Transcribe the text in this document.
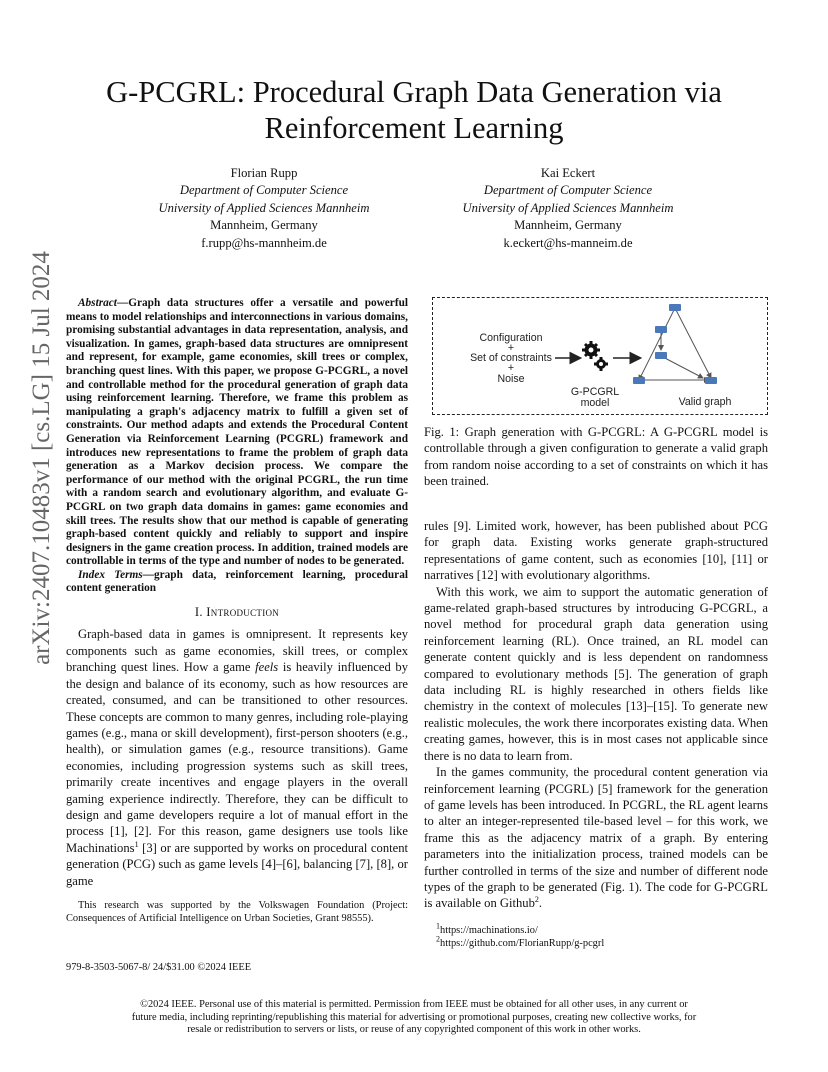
arXiv:2407.10483v1 [cs.LG] 15 Jul 2024
G-PCGRL: Procedural Graph Data Generation via Reinforcement Learning
Florian Rupp
Department of Computer Science
University of Applied Sciences Mannheim
Mannheim, Germany
f.rupp@hs-mannheim.de
Kai Eckert
Department of Computer Science
University of Applied Sciences Mannheim
Mannheim, Germany
k.eckert@hs-manneim.de

Abstract—Graph data structures offer a versatile and powerful means to model relationships and interconnections in various domains, promising substantial advantages in data representation, analysis, and visualization. In games, graph-based data structures are omnipresent and represent, for example, game economies, skill trees or complex, branching quest lines. With this paper, we propose G-PCGRL, a novel and controllable method for the procedural generation of graph data using reinforcement learning. Therefore, we frame this problem as manipulating a graph's adjacency matrix to fulfill a given set of constraints. Our method adapts and extends the Procedural Content Generation via Reinforcement Learning (PCGRL) framework and introduces new representations to frame the problem of graph data generation as a Markov decision process. We compare the performance of our method with the original PCGRL, the run time with a random search and evolutionary algorithm, and evaluate G-PCGRL on two graph data domains in games: game economies and skill trees. The results show that our method is capable of generating graph-based content quickly and reliably to support and inspire designers in the game creation process. In addition, trained models are controllable in terms of the type and number of nodes to be generated.

Index Terms—graph data, reinforcement learning, procedural content generation

I. Introduction

Graph-based data in games is omnipresent. It represents key components such as game economies, skill trees, or complex branching quest lines. How a game feels is heavily influenced by the design and balance of its economy, such as how resources are created, consumed, and can be transitioned to other resources. These concepts are common to many genres, including role-playing games (e.g., mana or skill development), first-person shooters (e.g., health), or simulation games (e.g., resource transitions). Game economies, including progression systems such as skill trees, primarily create incentives and engage players in the overall gaming experience indirectly. Therefore, they can be difficult to design and game developers require a lot of manual effort in the process [1], [2]. For this reason, game designers use tools like Machinations$^1$ [3] or are supported by works on procedural content generation (PCG) such as game levels [4]–[6], balancing [7], [8], or game

This research was supported by the Volkswagen Foundation (Project: Consequences of Artificial Intelligence on Urban Societies, Grant 98555).

979-8-3503-5067-8/ 24/$31.00 ©2024 IEEE
Configuration
+
Set of constraints
+
Noise
G-PCGRL
model	Valid graph
Fig. 1: Graph generation with G-PCGRL: A G-PCGRL model is controllable through a given configuration to generate a valid graph from random noise according to a set of constraints on which it has been trained.

rules [9]. Limited work, however, has been published about PCG for graph data. Existing works generate graph-structured representations of game content, such as economies [10], [11] or narratives [12] with evolutionary algorithms.

With this work, we aim to support the automatic generation of game-related graph-based structures by introducing G-PCGRL, a novel method for procedural graph data generation using reinforcement learning (RL). Once trained, an RL model can generate content quickly and is less dependent on randomness compared to evolutionary methods [5]. The generation of graph data including RL is highly researched in others fields like chemistry in the context of molecules [13]–[15]. To generate new realistic molecules, the work there incorporates existing data. When creating games, however, this is in most cases not applicable since there is no data to learn from.

In the games community, the procedural content generation via reinforcement learning (PCGRL) [5] framework for the generation of game levels has been introduced. In PCGRL, the RL agent learns to alter an integer-represented tile-based level – for this work, we frame this as the adjacency matrix of a graph. By entering parameters into the initialization process, trained models can be further controlled in terms of the size and number of different node types of the graph to be generated (Fig. 1). The code for G-PCGRL is available on Github$^2$.

$^1$https://machinations.io/

$^2$https://github.com/FlorianRupp/g-pcgrl

©2024 IEEE. Personal use of this material is permitted. Permission from IEEE must be obtained for all other uses, in any current or future media, including reprinting/republishing this material for advertising or promotional purposes, creating new collective works, for resale or redistribution to servers or lists, or reuse of any copyrighted component of this work in other works.
